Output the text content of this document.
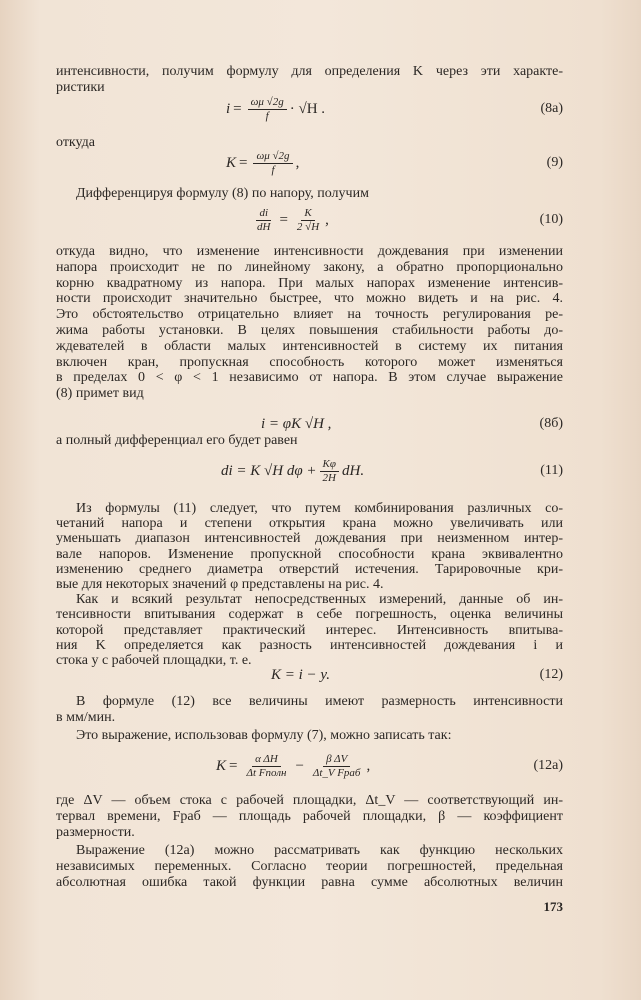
интенсивности, получим формулу для определения K через эти характе-
ристики
$i = \frac{\omega\mu √2g}{f} \cdot √H$ .	(8а)
откуда
$K = \frac{\omega\mu √2g}{f}$ ,	(9)
Дифференцируя формулу (8) по напору, получим
$\frac{di}{dH} = \frac{K}{2 √H}$ ,	(10)
откуда видно, что изменение интенсивности дождевания при изменении
напора происходит не по линейному закону, а обратно пропорционально
корню квадратному из напора. При малых напорах изменение интенсив-
ности происходит значительно быстрее, что можно видеть и на рис. 4.
Это обстоятельство отрицательно влияет на точность регулирования ре-
жима работы установки. В целях повышения стабильности работы до-
ждевателей в области малых интенсивностей в систему их питания
включен кран, пропускная способность которого может изменяться
в пределах 0 < φ < 1 независимо от напора. В этом случае выражение
(8) примет вид
i = φK √H ,	(8б)
а полный дифференциал его будет равен
di = K √H $d\varphi + \frac{K\varphi}{2H}$ dH.	(11)
Из формулы (11) следует, что путем комбинирования различных со-
четаний напора и степени открытия крана можно увеличивать или
уменьшать диапазон интенсивностей дождевания при неизменном интер-
вале напоров. Изменение пропускной способности крана эквивалентно
изменению среднего диаметра отверстий истечения. Тарировочные кри-
вые для некоторых значений φ представлены на рис. 4.
Как и всякий результат непосредственных измерений, данные об ин-
тенсивности впитывания содержат в себе погрешность, оценка величины
которой представляет практический интерес. Интенсивность впитыва-
ния K определяется как разность интенсивностей дождевания i и
стока y с рабочей площадки, т. е.
K = i − y.	(12)
В формуле (12) все величины имеют размерность интенсивности
в мм/мин.
Это выражение, использовав формулу (7), можно записать так:
$K = \frac{\text{α ΔH}}{\text{Δt Fполн}} - \frac{\text{β ΔV}}{\text{Δt\_V Fраб}}$ ,	(12а)
где ΔV — объем стока с рабочей площадки, Δt_V — соответствующий ин-
тервал времени, Fраб — площадь рабочей площадки, β — коэффициент
размерности.
Выражение (12а) можно рассматривать как функцию нескольких
независимых переменных. Согласно теории погрешностей, предельная
абсолютная ошибка такой функции равна сумме абсолютных величин
173
